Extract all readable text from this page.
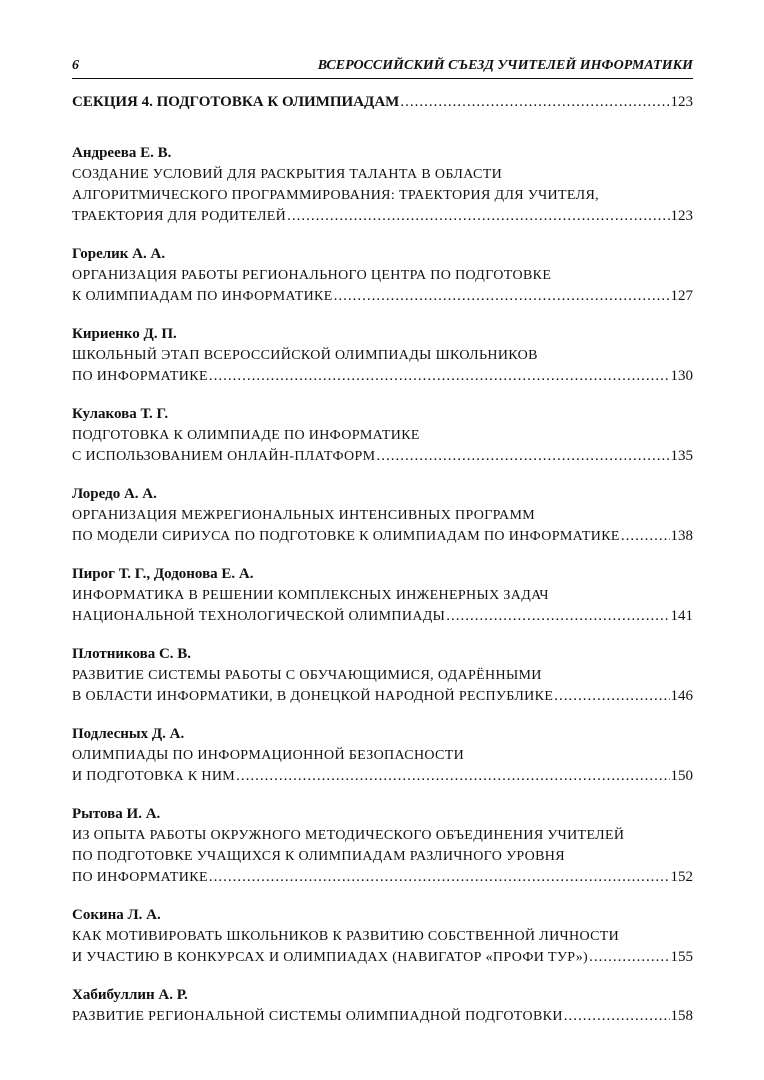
6	ВСЕРОССИЙСКИЙ СЪЕЗД УЧИТЕЛЕЙ ИНФОРМАТИКИ
СЕКЦИЯ 4. ПОДГОТОВКА К ОЛИМПИАДАМ .....	123
Андреева Е. В.
СОЗДАНИЕ УСЛОВИЙ ДЛЯ РАСКРЫТИЯ ТАЛАНТА В ОБЛАСТИ
АЛГОРИТМИЧЕСКОГО ПРОГРАММИРОВАНИЯ: ТРАЕКТОРИЯ ДЛЯ УЧИТЕЛЯ,
ТРАЕКТОРИЯ ДЛЯ РОДИТЕЛЕЙ .....	123
Горелик А. А.
ОРГАНИЗАЦИЯ РАБОТЫ РЕГИОНАЛЬНОГО ЦЕНТРА ПО ПОДГОТОВКЕ
К ОЛИМПИАДАМ ПО ИНФОРМАТИКЕ .....	127
Кириенко Д. П.
ШКОЛЬНЫЙ ЭТАП ВСЕРОССИЙСКОЙ ОЛИМПИАДЫ ШКОЛЬНИКОВ
ПО ИНФОРМАТИКЕ .....	130
Кулакова Т. Г.
ПОДГОТОВКА К ОЛИМПИАДЕ ПО ИНФОРМАТИКЕ
С ИСПОЛЬЗОВАНИЕМ ОНЛАЙН-ПЛАТФОРМ .....	135
Лоредо А. А.
ОРГАНИЗАЦИЯ МЕЖРЕГИОНАЛЬНЫХ ИНТЕНСИВНЫХ ПРОГРАММ
ПО МОДЕЛИ СИРИУСА ПО ПОДГОТОВКЕ К ОЛИМПИАДАМ ПО ИНФОРМАТИКЕ .....	138
Пирог Т. Г., Додонова Е. А.
ИНФОРМАТИКА В РЕШЕНИИ КОМПЛЕКСНЫХ ИНЖЕНЕРНЫХ ЗАДАЧ
НАЦИОНАЛЬНОЙ ТЕХНОЛОГИЧЕСКОЙ ОЛИМПИАДЫ .....	141
Плотникова С. В.
РАЗВИТИЕ СИСТЕМЫ РАБОТЫ С ОБУЧАЮЩИМИСЯ, ОДАРЁННЫМИ
В ОБЛАСТИ ИНФОРМАТИКИ, В ДОНЕЦКОЙ НАРОДНОЙ РЕСПУБЛИКЕ .....	146
Подлесных Д. А.
ОЛИМПИАДЫ ПО ИНФОРМАЦИОННОЙ БЕЗОПАСНОСТИ
И ПОДГОТОВКА К НИМ .....	150
Рытова И. А.
ИЗ ОПЫТА РАБОТЫ ОКРУЖНОГО МЕТОДИЧЕСКОГО ОБЪЕДИНЕНИЯ УЧИТЕЛЕЙ
ПО ПОДГОТОВКЕ УЧАЩИХСЯ К ОЛИМПИАДАМ РАЗЛИЧНОГО УРОВНЯ
ПО ИНФОРМАТИКЕ .....	152
Сокина Л. А.
КАК МОТИВИРОВАТЬ ШКОЛЬНИКОВ К РАЗВИТИЮ СОБСТВЕННОЙ ЛИЧНОСТИ
И УЧАСТИЮ В КОНКУРСАХ И ОЛИМПИАДАХ (НАВИГАТОР «ПРОФИ ТУР») .....	155
Хабибуллин А. Р.
РАЗВИТИЕ РЕГИОНАЛЬНОЙ СИСТЕМЫ ОЛИМПИАДНОЙ ПОДГОТОВКИ .....	158
